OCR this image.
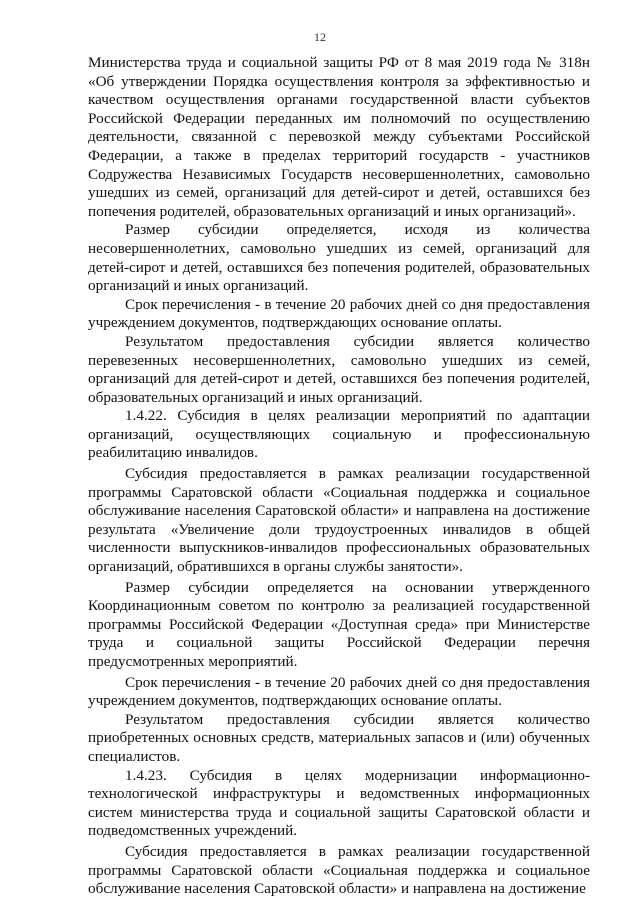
12

Министерства труда и социальной защиты РФ от 8 мая 2019 года № 318н «Об утверждении Порядка осуществления контроля за эффективностью и качеством осуществления органами государственной власти субъектов Российской Федерации переданных им полномочий по осуществлению деятельности, связанной с перевозкой между субъектами Российской Федерации, а также в пределах территорий государств - участников Содружества Независимых Государств несовершеннолетних, самовольно ушедших из семей, организаций для детей-сирот и детей, оставшихся без попечения родителей, образовательных организаций и иных организаций».

Размер субсидии определяется, исходя из количества несовершеннолетних, самовольно ушедших из семей, организаций для детей-сирот и детей, оставшихся без попечения родителей, образовательных организаций и иных организаций.

Срок перечисления - в течение 20 рабочих дней со дня предоставления учреждением документов, подтверждающих основание оплаты.

Результатом предоставления субсидии является количество перевезенных несовершеннолетних, самовольно ушедших из семей, организаций для детей-сирот и детей, оставшихся без попечения родителей, образовательных организаций и иных организаций.

1.4.22. Субсидия в целях реализации мероприятий по адаптации организаций, осуществляющих социальную и профессиональную реабилитацию инвалидов.

Субсидия предоставляется в рамках реализации государственной программы Саратовской области «Социальная поддержка и социальное обслуживание населения Саратовской области» и направлена на достижение результата «Увеличение доли трудоустроенных инвалидов в общей численности выпускников-инвалидов профессиональных образовательных организаций, обратившихся в органы службы занятости».

Размер субсидии определяется на основании утвержденного Координационным советом по контролю за реализацией государственной программы Российской Федерации «Доступная среда» при Министерстве труда и социальной защиты Российской Федерации перечня предусмотренных мероприятий.

Срок перечисления - в течение 20 рабочих дней со дня предоставления учреждением документов, подтверждающих основание оплаты.

Результатом предоставления субсидии является количество приобретенных основных средств, материальных запасов и (или) обученных специалистов.

1.4.23. Субсидия в целях модернизации информационно-технологической инфраструктуры и ведомственных информационных систем министерства труда и социальной защиты Саратовской области и подведомственных учреждений.

Субсидия предоставляется в рамках реализации государственной программы Саратовской области «Социальная поддержка и социальное обслуживание населения Саратовской области» и направлена на достижение
